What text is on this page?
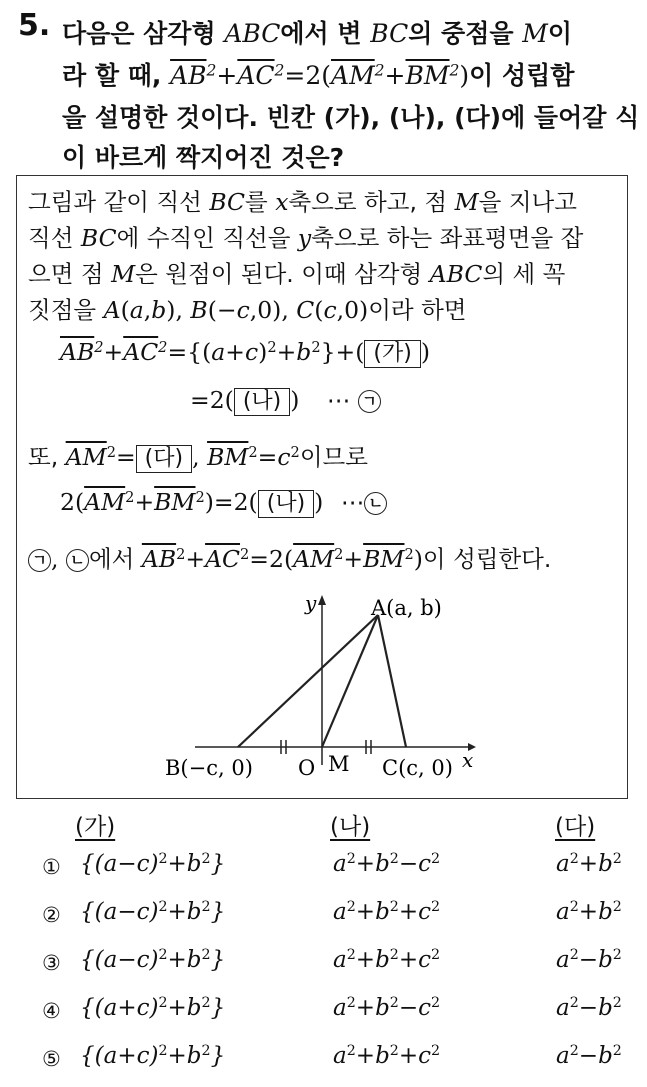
5. 다음은 삼각형 ABC에서 변 BC의 중점을 M이
라 할 때, $\overline{AB}^2+\overline{AC}^2=2(\overline{AM}^2+\overline{BM}^2)$이 성립함
을 설명한 것이다. 빈칸 (가), (나), (다)에 들어갈 식
이 바르게 짝지어진 것은?
그림과 같이 직선 BC를 x축으로 하고, 점 M을 지나고
직선 BC에 수직인 직선을 y축으로 하는 좌표평면을 잡
으면 점 M은 원점이 된다. 이때 삼각형 ABC의 세 꼭
짓점을 A(a,b), B(−c,0), C(c,0)이라 하면
$\overline{AB}^2+\overline{AC}^2=\{(a+c)^2+b^2\}+$( (가) )
=2( (나) ) ⋯ ㄱ
또, $\overline{AM}^2=$ (다) , $\overline{BM}^2=c^2$이므로
$2(\overline{AM}^2+\overline{BM}^2)=2$( (나) ) ⋯ ㄴ
ㄱ , ㄴ 에서 $\overline{AB}^2+\overline{AC}^2=2(\overline{AM}^2+\overline{BM}^2)$이 성립한다.
y
x
A(a, b)
B(−c, 0) O M C(c, 0)
(가)	(나)	(다)
① $\{(a-c)^2+b^2\}$	$a^2+b^2-c^2$	$a^2+b^2$
② $\{(a-c)^2+b^2\}$	$a^2+b^2+c^2$	$a^2+b^2$
③ $\{(a-c)^2+b^2\}$	$a^2+b^2+c^2$	$a^2-b^2$
④ $\{(a+c)^2+b^2\}$	$a^2+b^2-c^2$	$a^2-b^2$
⑤ $\{(a+c)^2+b^2\}$	$a^2+b^2+c^2$	$a^2-b^2$
